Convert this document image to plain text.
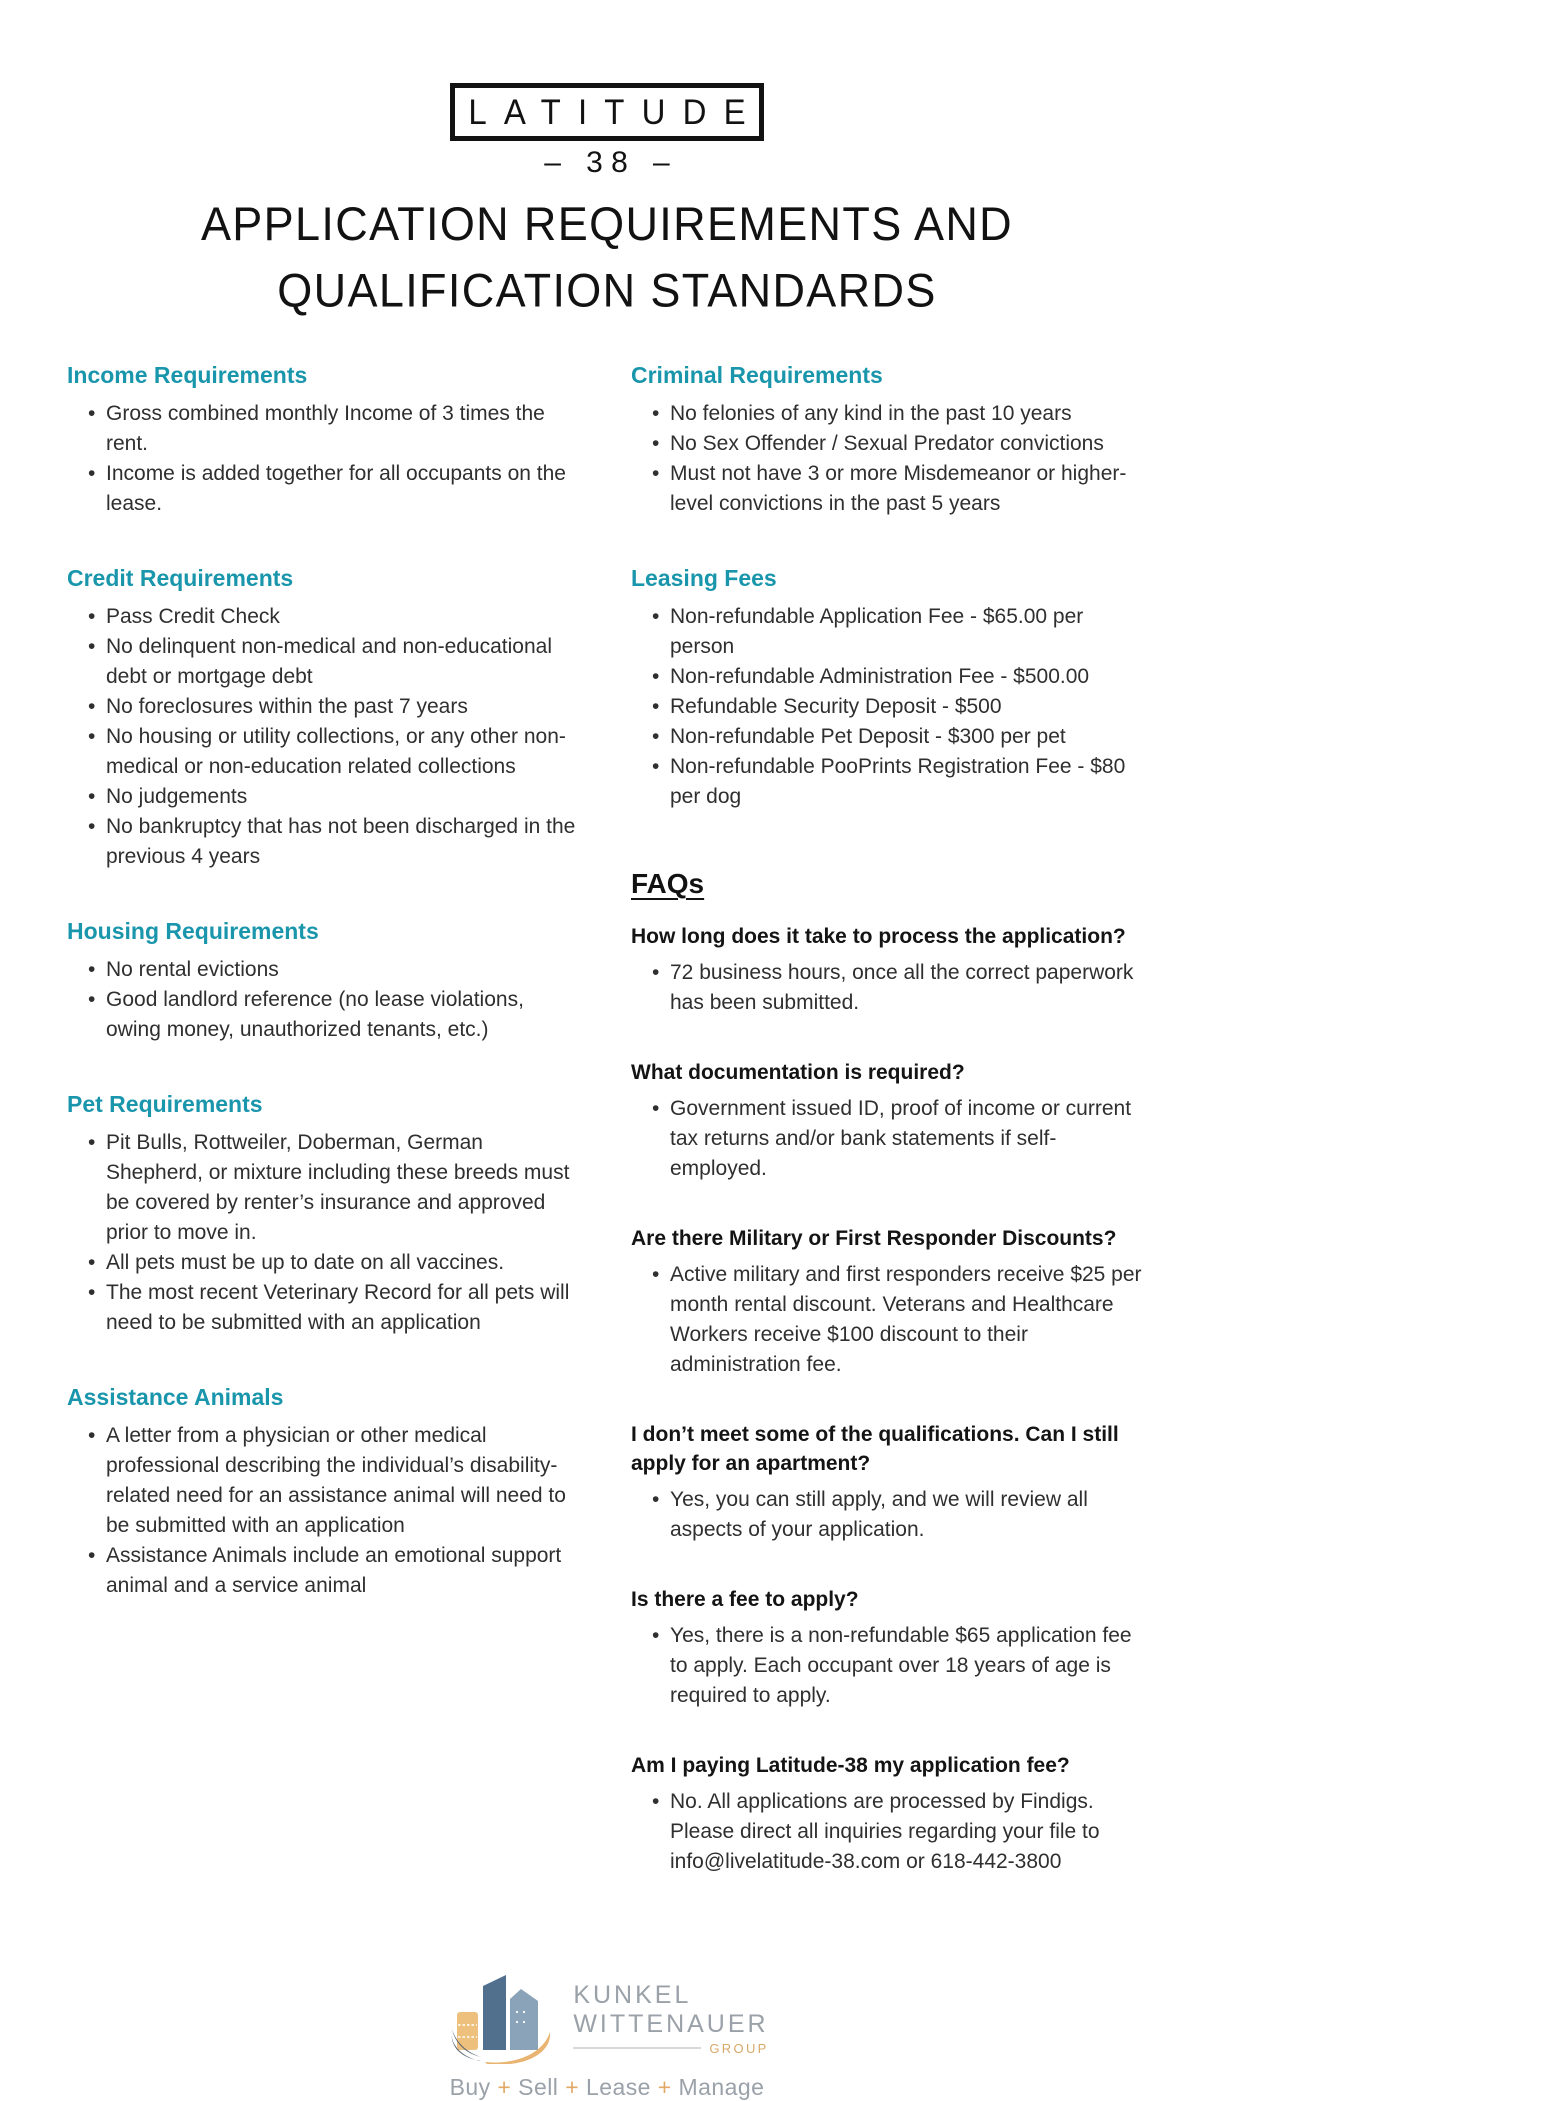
LATITUDE
– 38 –
APPLICATION REQUIREMENTS AND
QUALIFICATION STANDARDS
Income Requirements
• Gross combined monthly Income of 3 times the rent.
• Income is added together for all occupants on the lease.
Credit Requirements
• Pass Credit Check
• No delinquent non-medical and non-educational debt or mortgage debt
• No foreclosures within the past 7 years
• No housing or utility collections, or any other non-medical or non-education related collections
• No judgements
• No bankruptcy that has not been discharged in the previous 4 years
Housing Requirements
• No rental evictions
• Good landlord reference (no lease violations, owing money, unauthorized tenants, etc.)
Pet Requirements
• Pit Bulls, Rottweiler, Doberman, German Shepherd, or mixture including these breeds must be covered by renter’s insurance and approved prior to move in.
• All pets must be up to date on all vaccines.
• The most recent Veterinary Record for all pets will need to be submitted with an application
Assistance Animals
• A letter from a physician or other medical professional describing the individual’s disability-related need for an assistance animal will need to be submitted with an application
• Assistance Animals include an emotional support animal and a service animal
Criminal Requirements
• No felonies of any kind in the past 10 years
• No Sex Offender / Sexual Predator convictions
• Must not have 3 or more Misdemeanor or higher-level convictions in the past 5 years
Leasing Fees
• Non-refundable Application Fee - $65.00 per person
• Non-refundable Administration Fee - $500.00
• Refundable Security Deposit - $500
• Non-refundable Pet Deposit - $300 per pet
• Non-refundable PooPrints Registration Fee - $80 per dog
FAQs

How long does it take to process the application?

• 72 business hours, once all the correct paperwork has been submitted.

What documentation is required?

• Government issued ID, proof of income or current tax returns and/or bank statements if self-employed.

Are there Military or First Responder Discounts?

• Active military and first responders receive $25 per month rental discount. Veterans and Healthcare Workers receive $100 discount to their administration fee.

I don’t meet some of the qualifications. Can I still apply for an apartment?

• Yes, you can still apply, and we will review all aspects of your application.

Is there a fee to apply?

• Yes, there is a non-refundable $65 application fee to apply. Each occupant over 18 years of age is required to apply.

Am I paying Latitude-38 my application fee?

• No. All applications are processed by Findigs. Please direct all inquiries regarding your file to info@livelatitude-38.com or 618-442-3800
KUNKEL
WITTENAUER
GROUP
Buy + Sell + Lease + Manage
